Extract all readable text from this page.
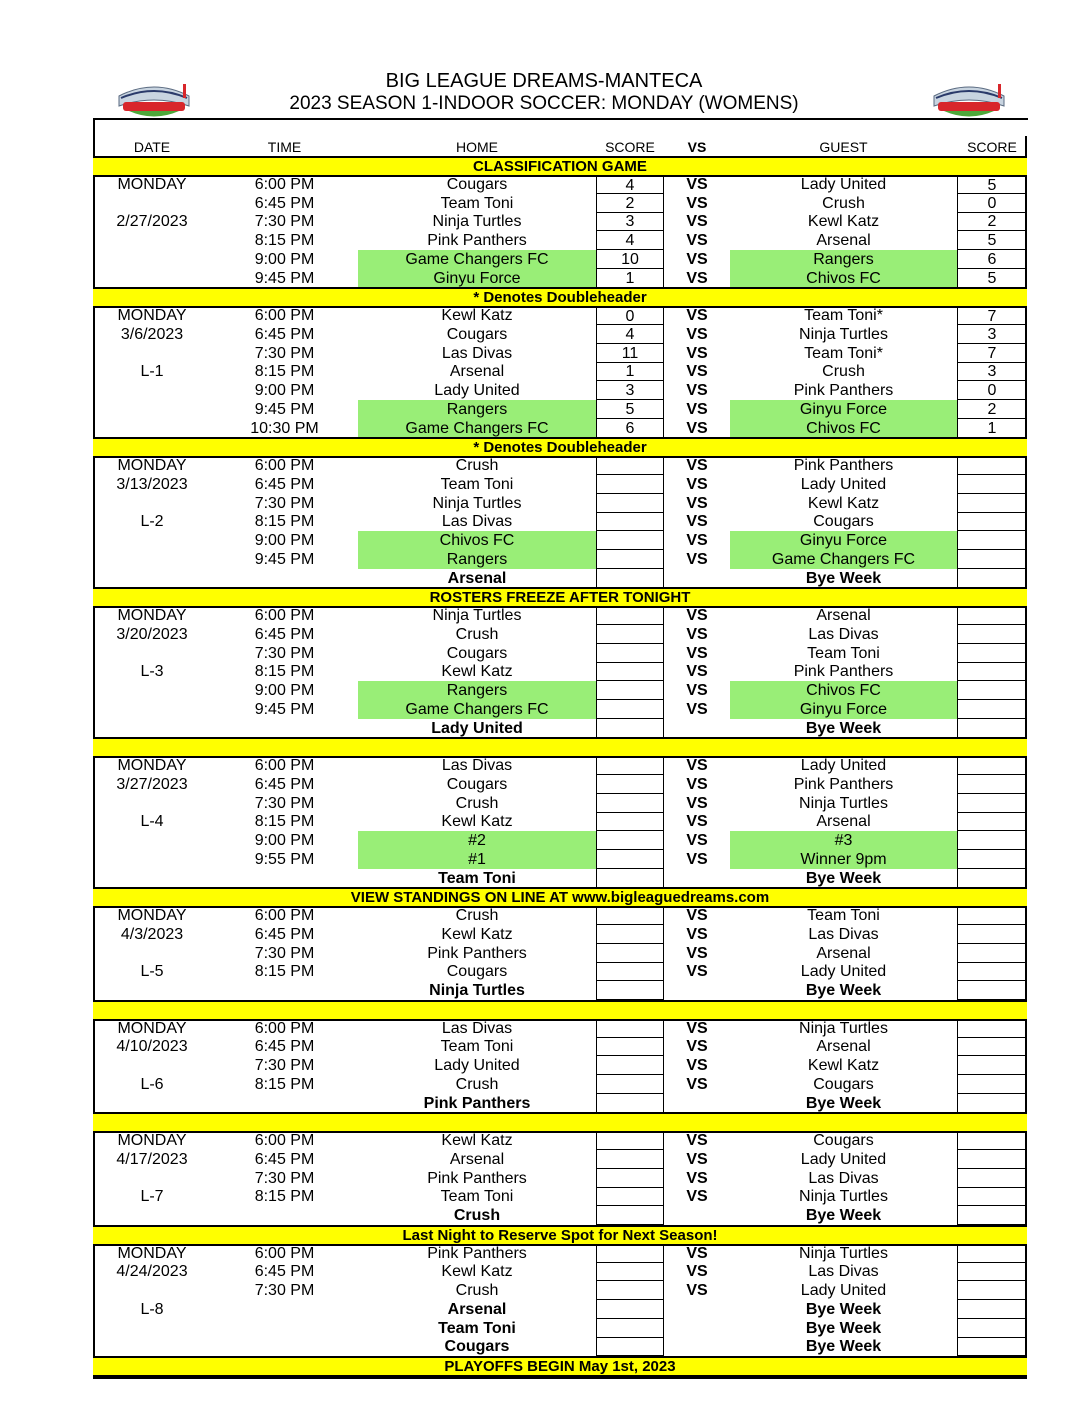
BIG LEAGUE DREAMS-MANTECA
2023 SEASON 1-INDOOR SOCCER: MONDAY (WOMENS)
DATE	TIME	HOME	SCORE	VS	GUEST	SCORE
CLASSIFICATION GAME
MONDAY	6:00 PM	Cougars	4	VS	Lady United	5
6:45 PM	Team Toni	2	VS	Crush	0
2/27/2023	7:30 PM	Ninja Turtles	3	VS	Kewl Katz	2
8:15 PM	Pink Panthers	4	VS	Arsenal	5
9:00 PM	Game Changers FC	10	VS	Rangers	6
9:45 PM	Ginyu Force	1	VS	Chivos FC	5
* Denotes Doubleheader
MONDAY	6:00 PM	Kewl Katz	0	VS	Team Toni*	7
3/6/2023	6:45 PM	Cougars	4	VS	Ninja Turtles	3
7:30 PM	Las Divas	11	VS	Team Toni*	7
L-1	8:15 PM	Arsenal	1	VS	Crush	3
9:00 PM	Lady United	3	VS	Pink Panthers	0
9:45 PM	Rangers	5	VS	Ginyu Force	2
10:30 PM	Game Changers FC	6	VS	Chivos FC	1
* Denotes Doubleheader
MONDAY	6:00 PM	Crush	VS	Pink Panthers
3/13/2023	6:45 PM	Team Toni	VS	Lady United
7:30 PM	Ninja Turtles	VS	Kewl Katz
L-2	8:15 PM	Las Divas	VS	Cougars
9:00 PM	Chivos FC	VS	Ginyu Force
9:45 PM	Rangers	VS	Game Changers FC
Arsenal	Bye Week
ROSTERS FREEZE AFTER TONIGHT
MONDAY	6:00 PM	Ninja Turtles	VS	Arsenal
3/20/2023	6:45 PM	Crush	VS	Las Divas
7:30 PM	Cougars	VS	Team Toni
L-3	8:15 PM	Kewl Katz	VS	Pink Panthers
9:00 PM	Rangers	VS	Chivos FC
9:45 PM	Game Changers FC	VS	Ginyu Force
Lady United	Bye Week
MONDAY	6:00 PM	Las Divas	VS	Lady United
3/27/2023	6:45 PM	Cougars	VS	Pink Panthers
7:30 PM	Crush	VS	Ninja Turtles
L-4	8:15 PM	Kewl Katz	VS	Arsenal
9:00 PM	#2	VS	#3
9:55 PM	#1	VS	Winner 9pm
Team Toni	Bye Week
VIEW STANDINGS ON LINE AT www.bigleaguedreams.com
MONDAY	6:00 PM	Crush	VS	Team Toni
4/3/2023	6:45 PM	Kewl Katz	VS	Las Divas
7:30 PM	Pink Panthers	VS	Arsenal
L-5	8:15 PM	Cougars	VS	Lady United
Ninja Turtles	Bye Week
MONDAY	6:00 PM	Las Divas	VS	Ninja Turtles
4/10/2023	6:45 PM	Team Toni	VS	Arsenal
7:30 PM	Lady United	VS	Kewl Katz
L-6	8:15 PM	Crush	VS	Cougars
Pink Panthers	Bye Week
MONDAY	6:00 PM	Kewl Katz	VS	Cougars
4/17/2023	6:45 PM	Arsenal	VS	Lady United
7:30 PM	Pink Panthers	VS	Las Divas
L-7	8:15 PM	Team Toni	VS	Ninja Turtles
Crush	Bye Week
Last Night to Reserve Spot for Next Season!
MONDAY	6:00 PM	Pink Panthers	VS	Ninja Turtles
4/24/2023	6:45 PM	Kewl Katz	VS	Las Divas
7:30 PM	Crush	VS	Lady United
L-8	Arsenal	Bye Week
Team Toni	Bye Week
Cougars	Bye Week
PLAYOFFS BEGIN May 1st, 2023
